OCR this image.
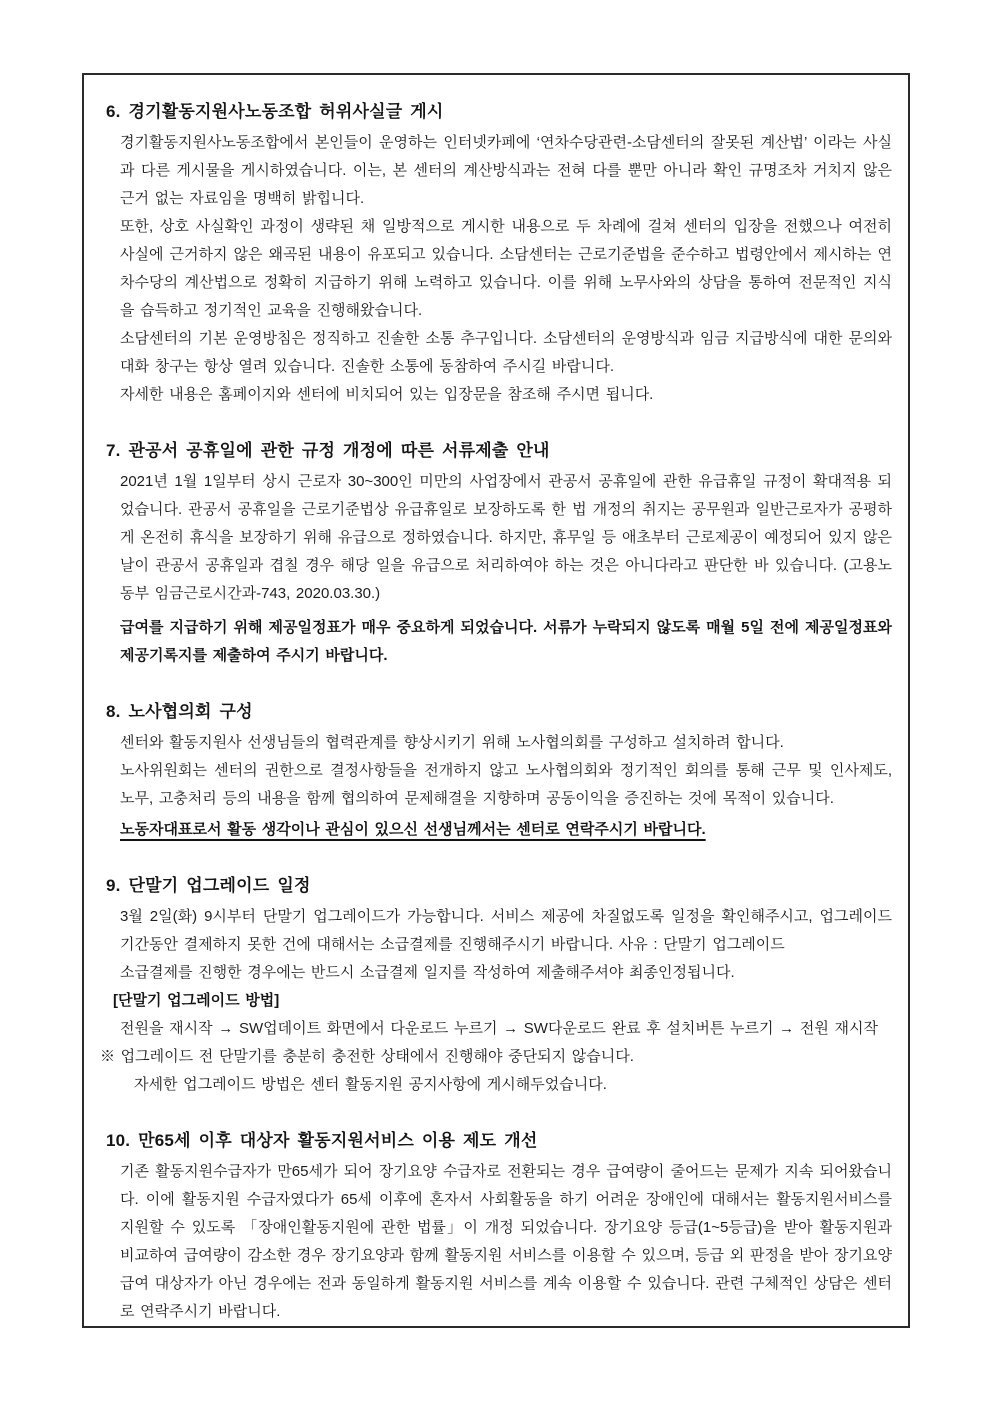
6. 경기활동지원사노동조합 허위사실글 게시

경기활동지원사노동조합에서 본인들이 운영하는 인터넷카페에 ‘연차수당관련-소담센터의 잘못된 계산법’ 이라는 사실과 다른 게시물을 게시하였습니다. 이는, 본 센터의 계산방식과는 전혀 다를 뿐만 아니라 확인 규명조차 거치지 않은 근거 없는 자료임을 명백히 밝힙니다.

또한, 상호 사실확인 과정이 생략된 채 일방적으로 게시한 내용으로 두 차례에 걸쳐 센터의 입장을 전했으나 여전히 사실에 근거하지 않은 왜곡된 내용이 유포되고 있습니다. 소담센터는 근로기준법을 준수하고 법령안에서 제시하는 연차수당의 계산법으로 정확히 지급하기 위해 노력하고 있습니다. 이를 위해 노무사와의 상담을 통하여 전문적인 지식을 습득하고 정기적인 교육을 진행해왔습니다.

소담센터의 기본 운영방침은 정직하고 진솔한 소통 추구입니다. 소담센터의 운영방식과 임금 지급방식에 대한 문의와 대화 창구는 항상 열려 있습니다. 진솔한 소통에 동참하여 주시길 바랍니다.

자세한 내용은 홈페이지와 센터에 비치되어 있는 입장문을 참조해 주시면 됩니다.

7. 관공서 공휴일에 관한 규정 개정에 따른 서류제출 안내

2021년 1월 1일부터 상시 근로자 30~300인 미만의 사업장에서 관공서 공휴일에 관한 유급휴일 규정이 확대적용 되었습니다. 관공서 공휴일을 근로기준법상 유급휴일로 보장하도록 한 법 개정의 취지는 공무원과 일반근로자가 공평하게 온전히 휴식을 보장하기 위해 유급으로 정하였습니다. 하지만, 휴무일 등 애초부터 근로제공이 예정되어 있지 않은 날이 관공서 공휴일과 겹칠 경우 해당 일을 유급으로 처리하여야 하는 것은 아니다라고 판단한 바 있습니다. (고용노동부 임금근로시간과-743, 2020.03.30.)

급여를 지급하기 위해 제공일정표가 매우 중요하게 되었습니다. 서류가 누락되지 않도록 매월 5일 전에 제공일정표와 제공기록지를 제출하여 주시기 바랍니다.

8. 노사협의회 구성

센터와 활동지원사 선생님들의 협력관계를 향상시키기 위해 노사협의회를 구성하고 설치하려 합니다.

노사위원회는 센터의 권한으로 결정사항들을 전개하지 않고 노사협의회와 정기적인 회의를 통해 근무 및 인사제도, 노무, 고충처리 등의 내용을 함께 협의하여 문제해결을 지향하며 공동이익을 증진하는 것에 목적이 있습니다.

노동자대표로서 활동 생각이나 관심이 있으신 선생님께서는 센터로 연락주시기 바랍니다.

9. 단말기 업그레이드 일정

3월 2일(화) 9시부터 단말기 업그레이드가 가능합니다. 서비스 제공에 차질없도록 일정을 확인해주시고, 업그레이드 기간동안 결제하지 못한 건에 대해서는 소급결제를 진행해주시기 바랍니다. 사유 : 단말기 업그레이드

소급결제를 진행한 경우에는 반드시 소급결제 일지를 작성하여 제출해주셔야 최종인정됩니다.

[단말기 업그레이드 방법]

전원을 재시작 → SW업데이트 화면에서 다운로드 누르기 → SW다운로드 완료 후 설치버튼 누르기 → 전원 재시작

※ 업그레이드 전 단말기를 충분히 충전한 상태에서 진행해야 중단되지 않습니다.

자세한 업그레이드 방법은 센터 활동지원 공지사항에 게시해두었습니다.

10. 만65세 이후 대상자 활동지원서비스 이용 제도 개선

기존 활동지원수급자가 만65세가 되어 장기요양 수급자로 전환되는 경우 급여량이 줄어드는 문제가 지속 되어왔습니다. 이에 활동지원 수급자였다가 65세 이후에 혼자서 사회활동을 하기 어려운 장애인에 대해서는 활동지원서비스를 지원할 수 있도록 「장애인활동지원에 관한 법률」이 개정 되었습니다. 장기요양 등급(1~5등급)을 받아 활동지원과 비교하여 급여량이 감소한 경우 장기요양과 함께 활동지원 서비스를 이용할 수 있으며, 등급 외 판정을 받아 장기요양급여 대상자가 아닌 경우에는 전과 동일하게 활동지원 서비스를 계속 이용할 수 있습니다. 관련 구체적인 상담은 센터로 연락주시기 바랍니다.
